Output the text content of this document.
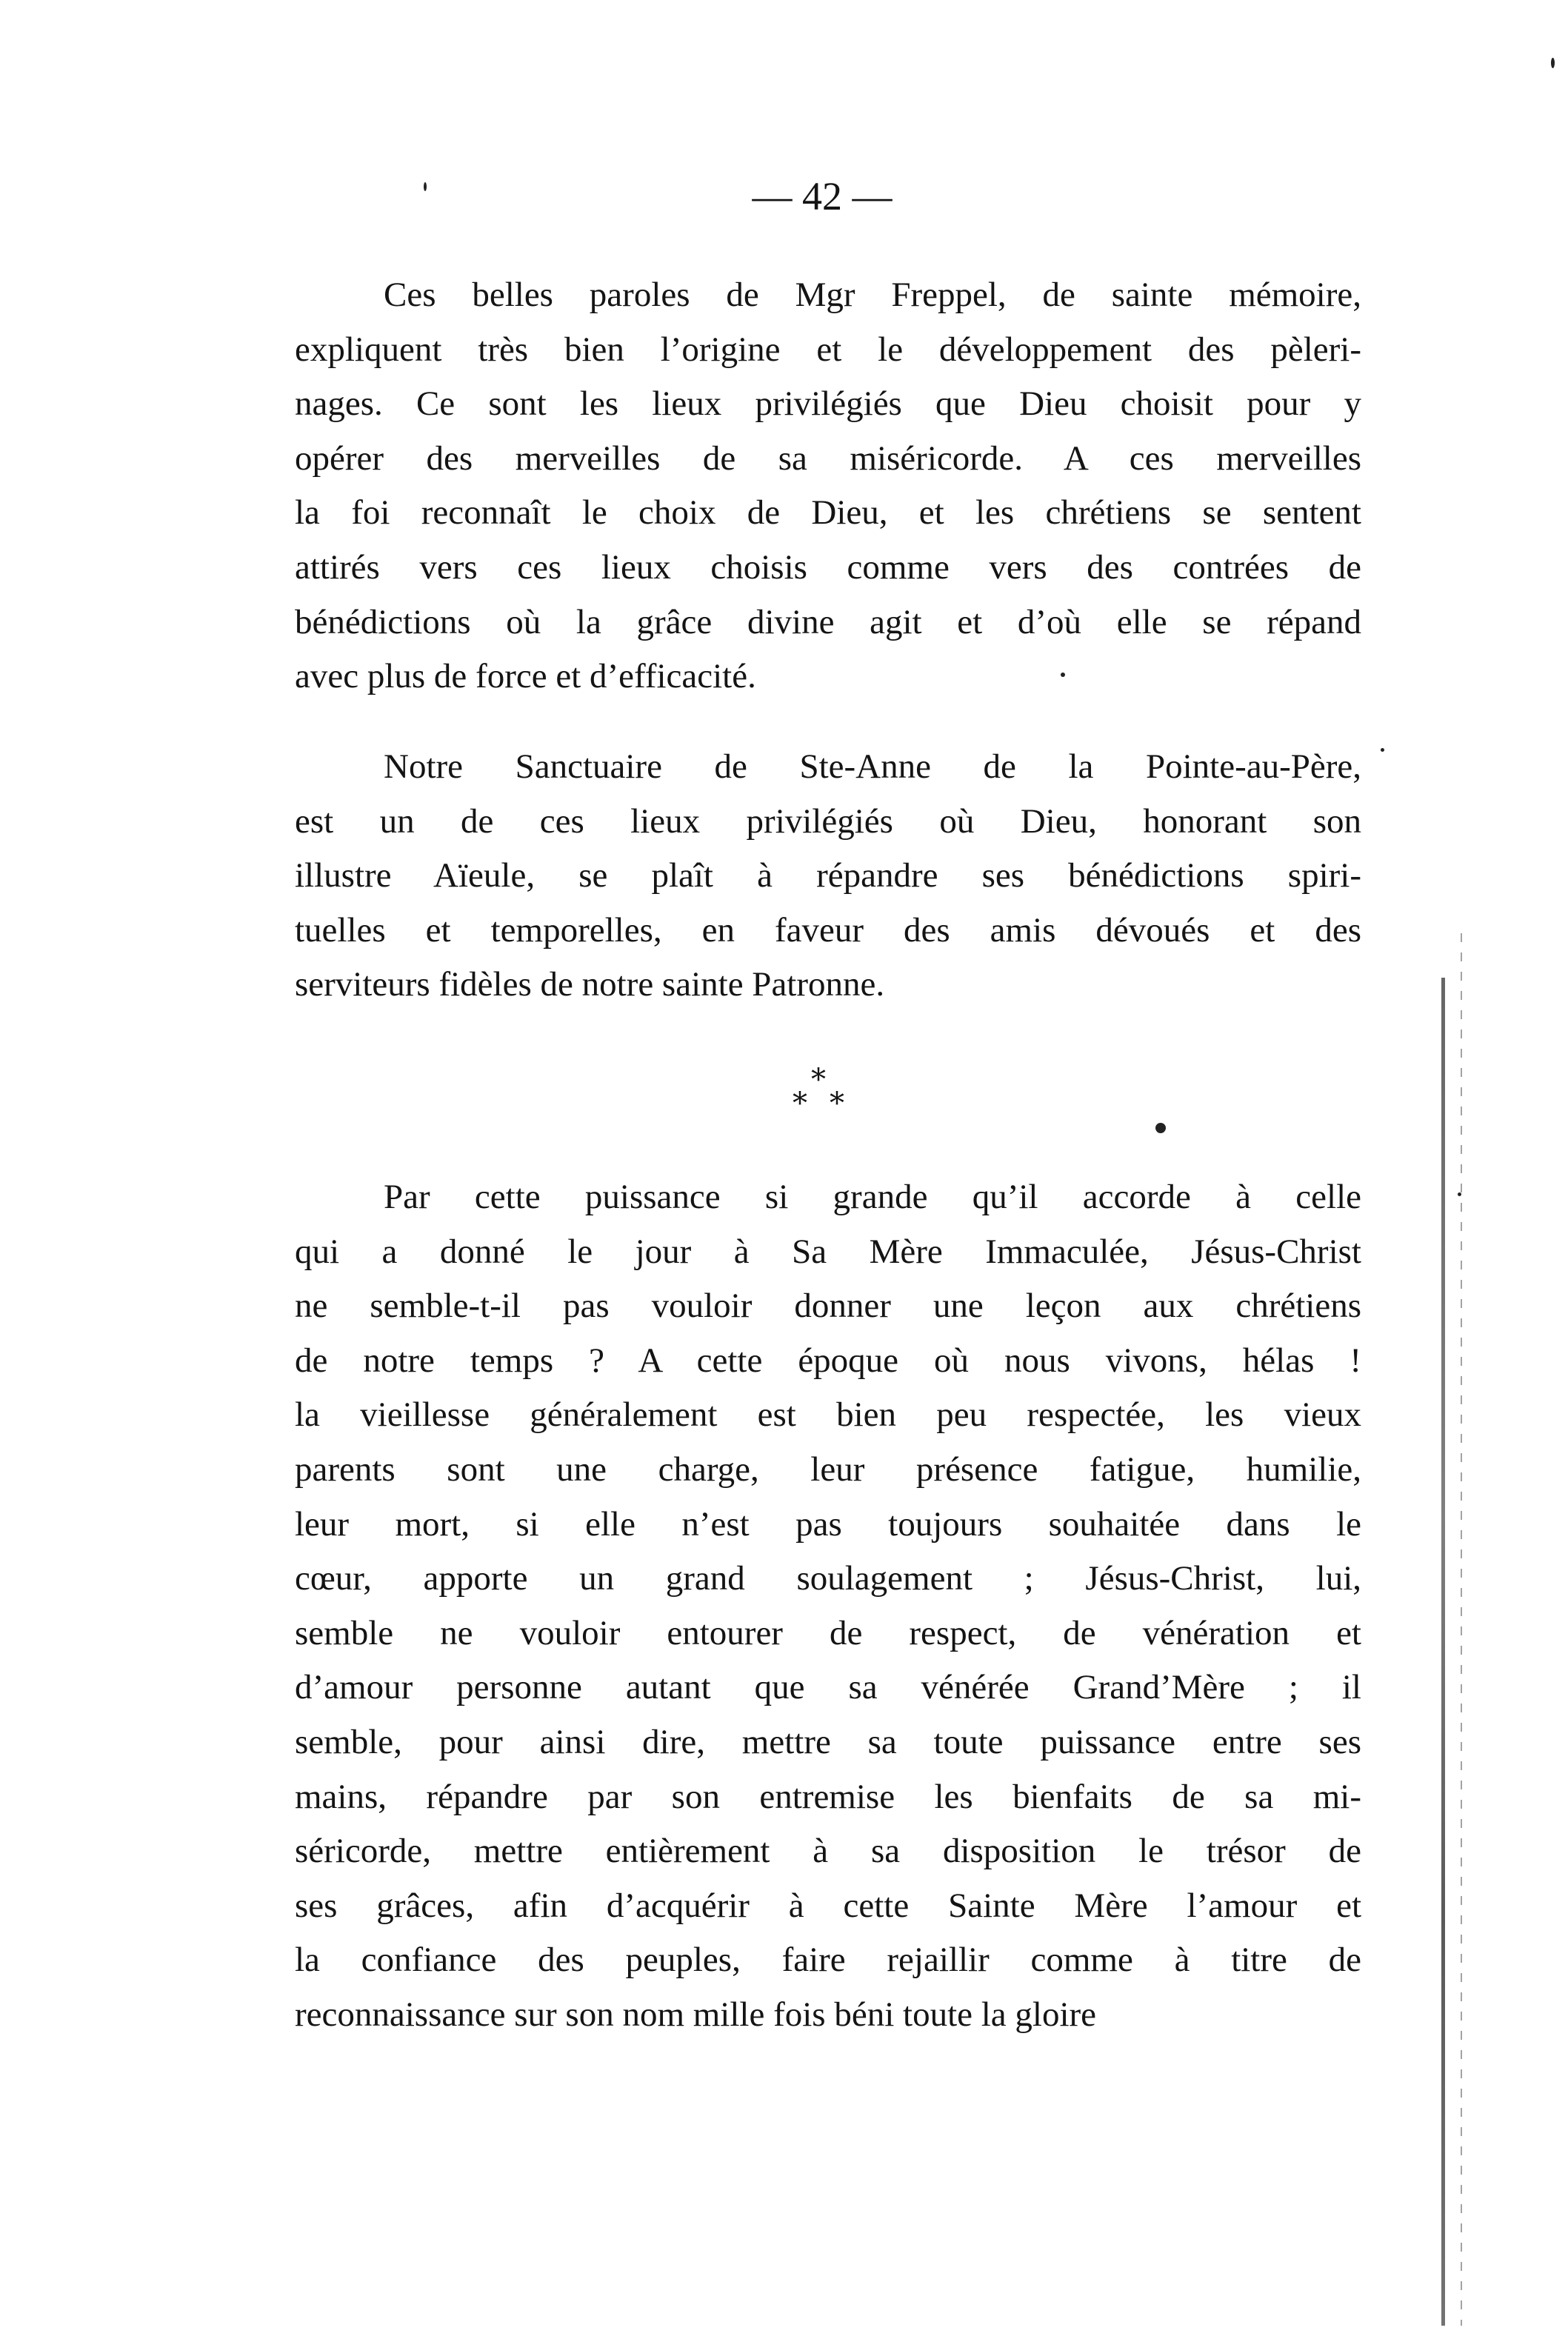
— 42 —
Ces belles paroles de Mgr Freppel, de sainte mémoire,
expliquent très bien l’origine et le développement des pèleri-
nages. Ce sont les lieux privilégiés que Dieu choisit pour y
opérer des merveilles de sa miséricorde. A ces merveilles
la foi reconnaît le choix de Dieu, et les chrétiens se sentent
attirés vers ces lieux choisis comme vers des contrées de
bénédictions où la grâce divine agit et d’où elle se répand
avec plus de force et d’efficacité.
Notre Sanctuaire de Ste-Anne de la Pointe-au-Père,
est un de ces lieux privilégiés où Dieu, honorant son
illustre Aïeule, se plaît à répandre ses bénédictions spiri-
tuelles et temporelles, en faveur des amis dévoués et des
serviteurs fidèles de notre sainte Patronne.
*
* *
Par cette puissance si grande qu’il accorde à celle
qui a donné le jour à Sa Mère Immaculée, Jésus-Christ
ne semble-t-il pas vouloir donner une leçon aux chrétiens
de notre temps ? A cette époque où nous vivons, hélas !
la vieillesse généralement est bien peu respectée, les vieux
parents sont une charge, leur présence fatigue, humilie,
leur mort, si elle n’est pas toujours souhaitée dans le
cœur, apporte un grand soulagement ; Jésus-Christ, lui,
semble ne vouloir entourer de respect, de vénération et
d’amour personne autant que sa vénérée Grand’Mère ; il
semble, pour ainsi dire, mettre sa toute puissance entre ses
mains, répandre par son entremise les bienfaits de sa mi-
séricorde, mettre entièrement à sa disposition le trésor de
ses grâces, afin d’acquérir à cette Sainte Mère l’amour et
la confiance des peuples, faire rejaillir comme à titre de
reconnaissance sur son nom mille fois béni toute la gloire
